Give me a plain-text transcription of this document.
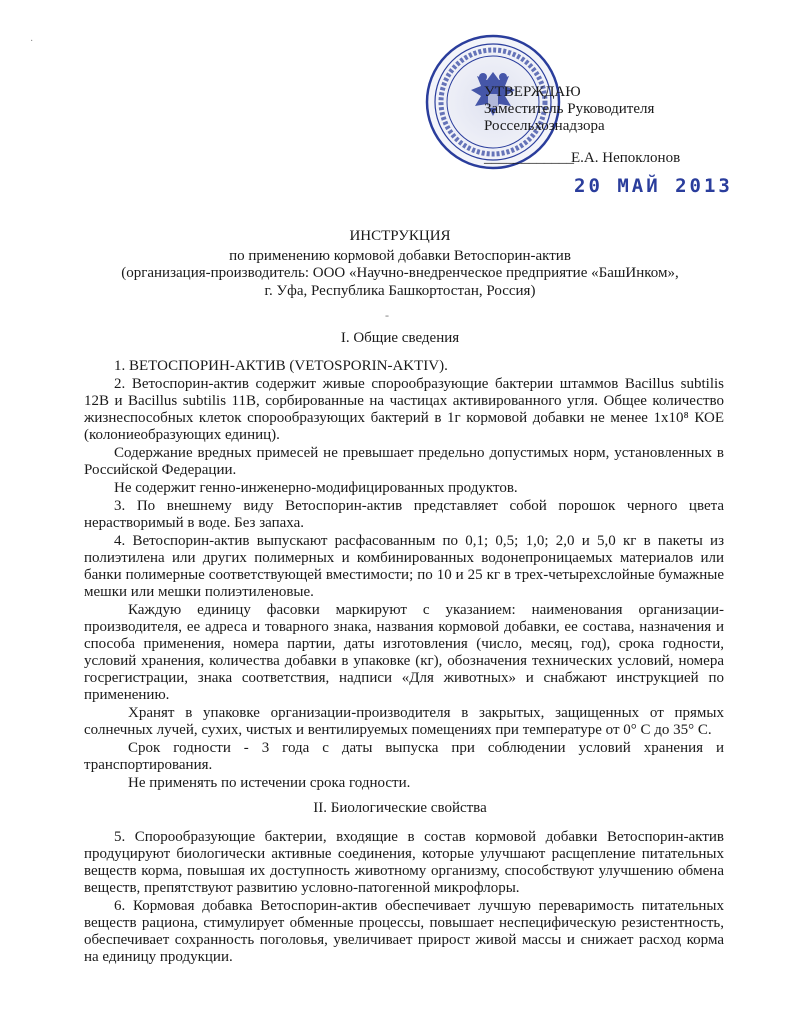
·
УТВЕРЖДАЮ
Заместитель Руководителя
Россельхознадзора
____________
Е.А. Непоклонов
20 МАЙ 2013
ИНСТРУКЦИЯ
по применению кормовой добавки Ветоспорин-актив
(организация-производитель: ООО «Научно-внедренческое предприятие «БашИнком»,
г. Уфа, Республика Башкортостан, Россия)
-
I. Общие сведения

1. ВЕТОСПОРИН-АКТИВ (VETOSPORIN-AKTIV).

2. Ветоспорин-актив содержит живые спорообразующие бактерии штаммов Bacillus subtilis 12В и Bacillus subtilis 11В, сорбированные на частицах активированного угля. Общее количество жизнеспособных клеток спорообразующих бактерий в 1г кормовой добавки не менее 1х10⁸ КОЕ (колониеобразующих единиц).

Содержание вредных примесей не превышает предельно допустимых норм, установленных в Российской Федерации.

Не содержит генно-инженерно-модифицированных продуктов.

3. По внешнему виду Ветоспорин-актив представляет собой порошок черного цвета нерастворимый в воде. Без запаха.

4. Ветоспорин-актив выпускают расфасованным по 0,1; 0,5; 1,0; 2,0 и 5,0 кг в пакеты из полиэтилена или других полимерных и комбинированных водонепроницаемых материалов или банки полимерные соответствующей вместимости; по 10 и 25 кг в трех-четырехслойные бумажные мешки или мешки полиэтиленовые.

Каждую единицу фасовки маркируют с указанием: наименования организации-производителя, ее адреса и товарного знака, названия кормовой добавки, ее состава, назначения и способа применения, номера партии, даты изготовления (число, месяц, год), срока годности, условий хранения, количества добавки в упаковке (кг), обозначения технических условий, номера госрегистрации, знака соответствия, надписи «Для животных» и снабжают инструкцией по применению.

Хранят в упаковке организации-производителя в закрытых, защищенных от прямых солнечных лучей, сухих, чистых и вентилируемых помещениях при температуре от 0° С до 35° С.

Срок годности - 3 года с даты выпуска при соблюдении условий хранения и транспортирования.

Не применять по истечении срока годности.

II. Биологические свойства

5. Спорообразующие бактерии, входящие в состав кормовой добавки Ветоспорин-актив продуцируют биологически активные соединения, которые улучшают расщепление питательных веществ корма, повышая их доступность животному организму, способствуют улучшению обмена веществ, препятствуют развитию условно-патогенной микрофлоры.

6. Кормовая добавка Ветоспорин-актив обеспечивает лучшую переваримость питательных веществ рациона, стимулирует обменные процессы, повышает неспецифическую резистентность, обеспечивает сохранность поголовья, увеличивает прирост живой массы и снижает расход корма на единицу продукции.
